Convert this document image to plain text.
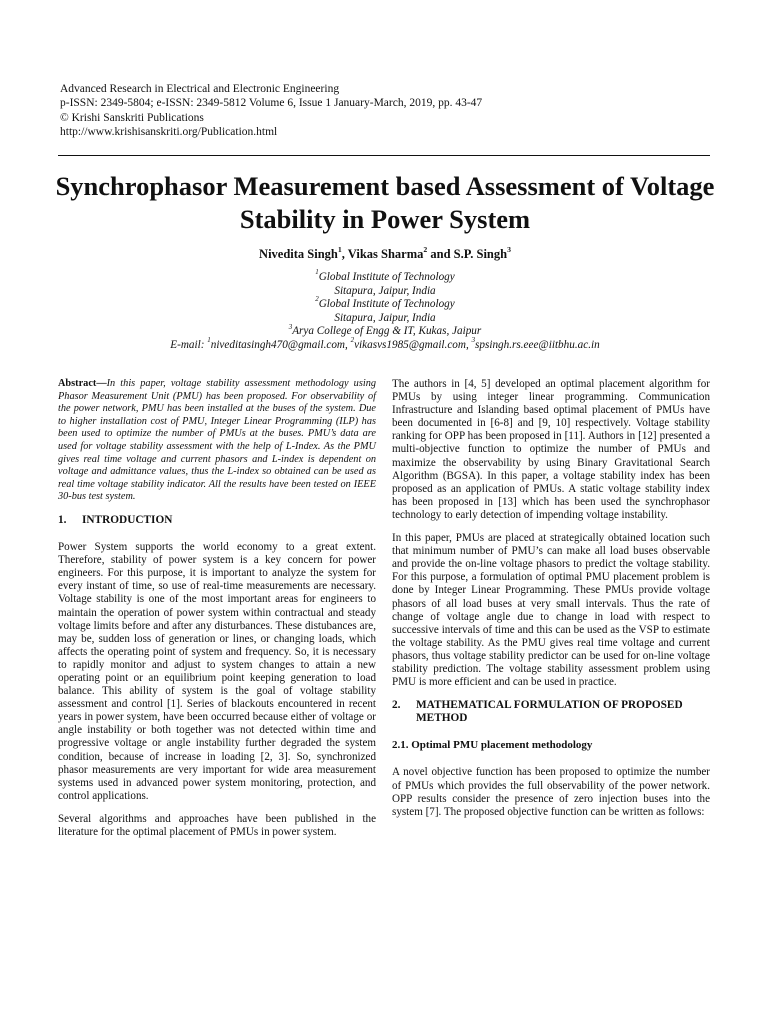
Advanced Research in Electrical and Electronic Engineering
p-ISSN: 2349-5804; e-ISSN: 2349-5812 Volume 6, Issue 1 January-March, 2019, pp. 43-47
© Krishi Sanskriti Publications
http://www.krishisanskriti.org/Publication.html
Synchrophasor Measurement based Assessment of Voltage Stability in Power System
Nivedita Singh$^1$, Vikas Sharma$^2$ and S.P. Singh$^3$
$^1$Global Institute of Technology
Sitapura, Jaipur, India
$^2$Global Institute of Technology
Sitapura, Jaipur, India
$^3$Arya College of Engg & IT, Kukas, Jaipur
E-mail: $^1$niveditasingh470@gmail.com, $^2$vikasvs1985@gmail.com, $^3$spsingh.rs.eee@iitbhu.ac.in

Abstract—In this paper, voltage stability assessment methodology using Phasor Measurement Unit (PMU) has been proposed. For observability of the power network, PMU has been installed at the buses of the system. Due to higher installation cost of PMU, Integer Linear Programming (ILP) has been used to optimize the number of PMUs at the buses. PMU’s data are used for voltage stability assessment with the help of L-Index. As the PMU gives real time voltage and current phasors and L-index is dependent on voltage and admittance values, thus the L-index so obtained can be used as real time voltage stability indicator. All the results have been tested on IEEE 30-bus test system.

1.	INTRODUCTION

Power System supports the world economy to a great extent. Therefore, stability of power system is a key concern for power engineers. For this purpose, it is important to analyze the system for every instant of time, so use of real-time measurements are necessary. Voltage stability is one of the most important areas for engineers to maintain the operation of power system within contractual and steady voltage limits before and after any disturbances. These distubances are, may be, sudden loss of generation or lines, or changing loads, which affects the operating point of system and frequency. So, it is necessary to rapidly monitor and adjust to system changes to attain a new operating point or an equilibrium point keeping generation to load balance. This ability of system is the goal of voltage stability assessment and control [1]. Series of blackouts encountered in recent years in power system, have been occurred because either of voltage or angle instability or both together was not detected within time and progressive voltage or angle instability further degraded the system condition, because of increase in loading [2, 3]. So, synchronized phasor measurements are very important for wide area measurement systems used in advanced power system monitoring, protection, and control applications.

Several algorithms and approaches have been published in the literature for the optimal placement of PMUs in power system.

The authors in [4, 5] developed an optimal placement algorithm for PMUs by using integer linear programming. Communication Infrastructure and Islanding based optimal placement of PMUs have been documented in [6-8] and [9, 10] respectively. Voltage stability ranking for OPP has been proposed in [11]. Authors in [12] presented a multi-objective function to optimize the number of PMUs and maximize the observability by using Binary Gravitational Search Algorithm (BGSA). In this paper, a voltage stability index has been proposed as an application of PMUs. A static voltage stability index has been proposed in [13] which has been used the synchrophasor technology to early detection of impending voltage instability.

In this paper, PMUs are placed at strategically obtained location such that minimum number of PMU’s can make all load buses observable and provide the on-line voltage phasors to predict the voltage stability. For this purpose, a formulation of optimal PMU placement problem is done by Integer Linear Programming. These PMUs provide voltage phasors of all load buses at very small intervals. Thus the rate of change of voltage angle due to change in load with respect to successive intervals of time and this can be used as the VSP to estimate the voltage stability. As the PMU gives real time voltage and current phasors, thus voltage stability predictor can be used for on-line voltage stability prediction. The voltage stability assessment problem using PMU is more efficient and can be used in practice.

2.	MATHEMATICAL FORMULATION OF PROPOSED METHOD
2.1. Optimal PMU placement methodology

A novel objective function has been proposed to optimize the number of PMUs which provides the full observability of the power network. OPP results consider the presence of zero injection buses into the system [7]. The proposed objective function can be written as follows:
